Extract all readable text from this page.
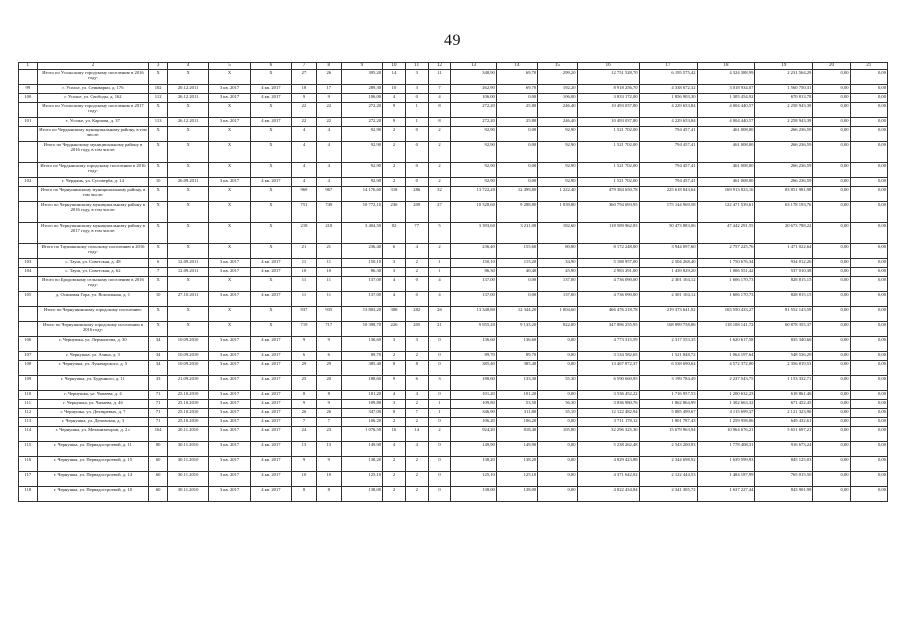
49
1	2	3	4	5	6	7	8	9	10	11	12	13	14	15	16	17	18	19	20	21
	Итого по Усольскому городскому поселению в 2016 году:	X	X	X	X	27	26	395,20	14	3	11	348,90	69,70	299,20	12 751 528,70	6 195 575,42	4 324 388,99	2 231 564,29	0,00	0,00
99	г. Усолье, ул. Сеинварки, д. 176	102	20.12.2011	3 кв. 2017	4 кв. 2017	18	17	289,30	10	3	7	262,90	69,70	192,20	8 918 256,70	4 338 672,32	3 018 934,07	1 560 750,31	0,00	0,00
100	г. Усолье, ул. Свободы, д. 162	112	26.12.2011	3 кв. 2017	4 кв. 2017	9	9	106,00	4	0	4	106,00	0,00	106,00	3 833 172,00	1 856 903,30	1 305 454,92	670 813,78	0,00	0,00
	Итого по Усольскому городскому поселению в 2017 году:	X	X	X	X	22	22	272,20	9	1	8	272,20	25,80	246,40	10 493 037,80	4 229 653,84	4 004 440,57	2 258 943,39	0,00	0,00
101	г. Усолье, ул. Карпова, д. 37	113	26.12.2011	3 кв. 2017	4 кв. 2017	22	22	272,20	9	1	8	272,20	25,80	246,40	10 493 037,80	4 229 653,84	4 004 440,57	2 258 943,39	0,00	0,00
	Итого по Чердынскому муниципальному району, в том числе:	X	X	X	X	4	4	92,90	2	0	2	92,90	0,00	92,90	1 521 702,00	794 457,41	461 008,00	266 236,59	0,00	0,00
	Итого по Чердынскому муниципальному району в 2016 году, в том числе:	X	X	X	X	4	4	92,90	2	0	2	92,90	0,00	92,90	1 521 702,00	794 457,41	461 008,00	266 236,59	0,00	0,00
	Итого по Чердынскому городскому поселению в 2016 году:	X	X	X	X	4	4	92,90	2	0	2	92,90	0,00	92,90	1 521 702,00	794 457,41	461 008,00	266 236,59	0,00	0,00
102	г. Чердынь, ул. Сусоверба, д. 14	10	26.09.2011	3 кв. 2017	4 кв. 2017	4	4	92,90	2	0	2	92,90	0,00	92,90	1 521 702,00	794 457,41	461 008,00	266 236,59	0,00	0,00
	Итого по Чернушинскому муниципальному району, в том числе:	X	X	X	X	969	967	14 176,60	318	286	32	13 722,20	12 499,80	1 222,40	479 384 650,78	225 618 843,64	169 913 823,16	83 851 981,98	0,00	0,00
	Итого по Чернушинскому муниципальному району в 2016 году, в том числе:	X	X	X	X	751	749	10 772,10	236	209	27	10 328,60	9 288,80	1 039,80	360 794 693,95	175 144 969,58	122 471 539,61	63 178 193,76	0,00	0,00
	Итого по Чернушинскому муниципальному району в 2017 году, в том числе:	X	X	X	X	218	218	3 404,50	82	77	5	3 393,60	3 211,00	182,60	118 589 962,83	50 473 883,06	47 442 291,55	20 673 788,22	0,00	0,00
	Итого по Таушинскому сельскому поселению в 2016 году:	X	X	X	X	21	21	236,40	6	4	2	236,40	155,60	80,80	8 172 248,00	3 944 097,60	2 757 225,76	1 471 022,64	0,00	0,00
103	с. Тауш, ул. Советская, д. 48	6	12.09.2011	3 кв. 2017	4 кв. 2017	11	11	150,10	3	2	1	150,10	115,20	34,90	5 188 957,00	2 504 268,40	1 750 676,34	934 012,26	0,00	0,00
104	с. Тауш, ул. Советская, д. 62	7	12.09.2011	3 кв. 2017	4 кв. 2017	10	10	86,30	3	2	1	86,30	40,40	45,90	2 983 291,00	1 439 829,20	1 006 551,42	537 010,38	0,00	0,00
	Итого по Бродовскому сельскому поселению в 2016 году:	X	X	X	X	11	11	137,00	4	0	4	137,00	0,00	137,00	4 736 090,00	2 301 104,12	1 606 170,73	828 815,15	0,00	0,00
105	д. Осиновая Гора, ул. Вокзальная, д. 1	10	27.10.2011	3 кв. 2017	4 кв. 2017	11	11	137,00	4	0	4	137,00	0,00	137,00	4 736 090,00	2 301 104,12	1 606 170,73	828 815,15	0,00	0,00
	Итого по Чернушинскому городскому поселению:	X	X	X	X	937	935	13 803,20	308	282	26	13 348,80	12 344,20	1 004,60	466 476 218,78	219 373 641,92	165 550 433,27	81 552 143,59	0,00	0,00
	Итого по Чернушинскому городскому поселению в 2016 году:	X	X	X	X	719	717	10 398,70	226	205	21	9 955,20	9 133,20	822,00	347 886 255,95	168 899 758,86	118 108 141,72	60 878 355,37	0,00	0,00
106	г. Чернушка, ул. Лермонтова, д. 30	34	10.09.2010	3 кв. 2017	4 кв. 2017	9	9	136,60	3	3	0	136,60	136,60	0,00	4 773 315,59	2 317 553,35	1 620 617,58	835 340,66	0,00	0,00
107	г. Чернушка, ул. Азина, д. 3	34	10.09.2010	3 кв. 2017	4 кв. 2017	6	6	89,70	2	2	0	89,70	89,70	0,00	3 134 582,65	1 521 848,72	1 064 197,64	548 536,29	0,00	0,00
108	г. Чернушка, ул. Луначарского, д. 5	34	10.09.2010	3 кв. 2017	4 кв. 2017	29	29	385,40	8	8	0	385,40	385,40	0,00	13 467 872,37	6 538 690,64	4 572 372,00	2 356 819,53	0,00	0,00
109	г. Чернушка, ул. Буденного, д. 11	33	21.09.2010	3 кв. 2017	4 кв. 2017	25	20	188,60	9	6	3	188,60	133,30	55,30	6 590 660,95	3 199 784,49	2 237 543,75	1 153 332,71	0,00	0,00
110	г. Чернушка, ул. Чапаева, д. 4	71	25.10.2010	3 кв. 2017	4 кв. 2017	8	8	101,20	4	4	0	101,20	101,20	0,00	3 536 452,22	1 716 957,53	1 200 632,23	618 861,46	0,00	0,00
111	г. Чернушка, ул. Чапаева, д. 4б	71	25.10.2010	3 кв. 2017	4 кв. 2017	9	9	109,80	3	2	1	109,80	53,50	56,30	3 836 980,76	1 862 864,99	1 302 663,32	671 452,45	0,00	0,00
112	г. Чернушка, ул. Дехтяревых, д. 7	71	25.10.2010	3 кв. 2017	4 кв. 2017	26	26	347,00	8	7	1	346,90	311,80	35,10	12 122 482,94	5 885 499,67	4 115 699,37	2 121 323,90	0,00	0,00
113	г. Чернушка, ул. Деповская, д. 3	71	25.10.2010	3 кв. 2017	4 кв. 2017	7	7	106,20	2	2	0	106,20	106,20	0,00	3 711 178,12	1 801 787,43	1 259 958,06	649 432,61	0,00	0,00
114	г. Чернушка, ул. Механизаторов, д. 2 г	164	20.11.2010	3 кв. 2017	4 кв. 2017	24	23	1 076,50	16	14	2	924,20	818,40	105,80	32 296 325,36	15 679 963,94	10 964 676,21	5 651 697,21	0,00	0,00
115	г. Чернушка, ул. Первадостроевой, д. 11	80	30.11.2010	3 кв. 2017	4 кв. 2017	13	13	149,90	4	4	0	149,90	149,90	0,00	5 238 262,48	2 543 200,93	1 778 408,31	916 673,24	0,00	0,00
116	г. Чернушка, ул. Первадостроевой, д. 15	60	30.11.2010	3 кв. 2017	4 кв. 2017	9	9	138,20	2	2	0	138,20	138,20	0,00	4 829 423,88	2 344 698,92	1 639 599,93	845 125,03	0,00	0,00
117	г. Чернушка, ул. Первадостроевой, д. 14	60	30.11.2010	3 кв. 2017	4 кв. 2017	10	10	125,10	2	2	0	125,10	125,10	0,00	4 371 642,02	2 122 444,53	1 484 187,99	765 015,50	0,00	0,00
118	г. Чернушка, ул. Первадостроевой, д. 10	60	30.11.2010	3 кв. 2017	4 кв. 2017	8	8	138,00	2	2	0	138,00	138,00	0,00	4 822 434,84	2 341 305,72	1 637 227,44	843 901,98	0,00	0,00
